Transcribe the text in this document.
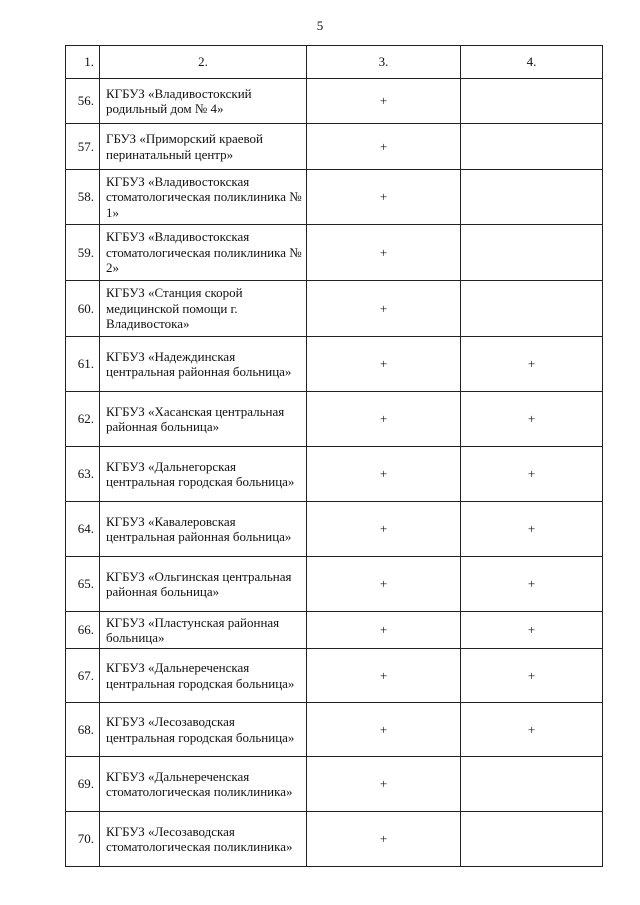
5
1.	2.	3.	4.
56.	КГБУЗ «Владивостокский родильный дом № 4»	+	
57.	ГБУЗ «Приморский краевой перинатальный центр»	+	
58.	КГБУЗ «Владивостокская стоматологическая поликлиника № 1»	+	
59.	КГБУЗ «Владивостокская стоматологическая поликлиника № 2»	+	
60.	КГБУЗ «Станция скорой медицинской помощи г. Владивостока»	+	
61.	КГБУЗ «Надеждинская центральная районная больница»	+	+
62.	КГБУЗ «Хасанская центральная районная больница»	+	+
63.	КГБУЗ «Дальнегорская центральная городская больница»	+	+
64.	КГБУЗ «Кавалеровская центральная районная больница»	+	+
65.	КГБУЗ «Ольгинская центральная районная больница»	+	+
66.	КГБУЗ «Пластунская районная больница»	+	+
67.	КГБУЗ «Дальнереченская центральная городская больница»	+	+
68.	КГБУЗ «Лесозаводская центральная городская больница»	+	+
69.	КГБУЗ «Дальнереченская стоматологическая поликлиника»	+	
70.	КГБУЗ «Лесозаводская стоматологическая поликлиника»	+	
